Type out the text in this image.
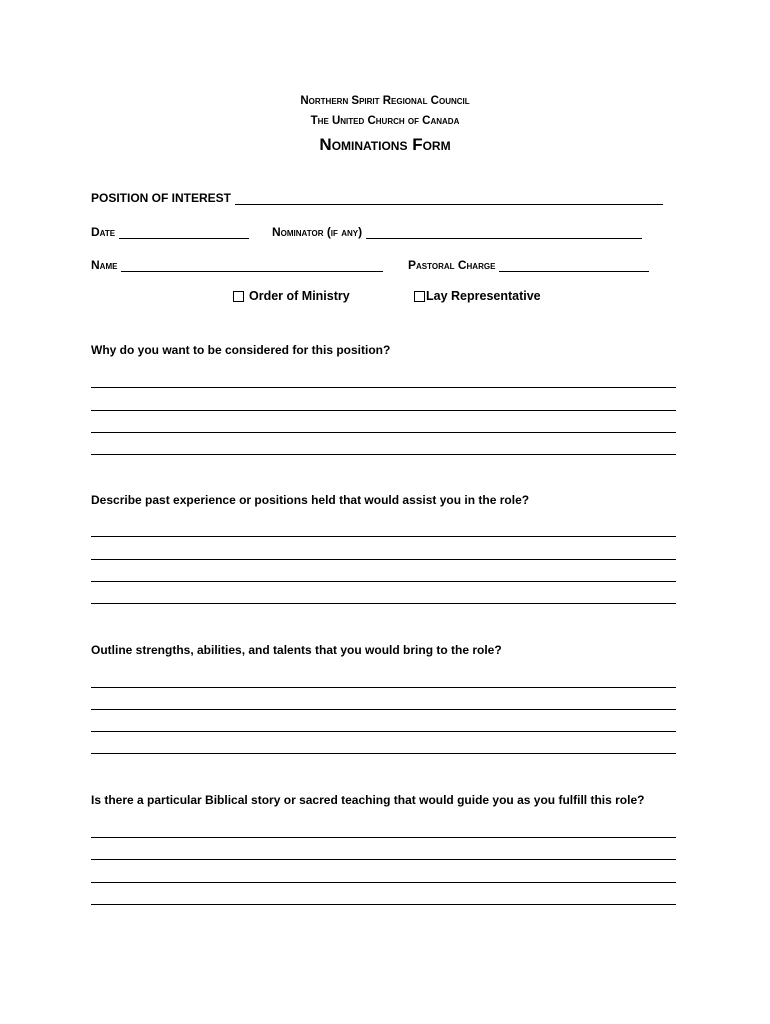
Northern Spirit Regional Council
The United Church of Canada
Nominations Form
POSITION OF INTEREST
Date	Nominator (if any)
Name	Pastoral Charge
Order of Ministry	Lay Representative
Why do you want to be considered for this position?
Describe past experience or positions held that would assist you in the role?
Outline strengths, abilities, and talents that you would bring to the role?
Is there a particular Biblical story or sacred teaching that would guide you as you fulfill this role?
